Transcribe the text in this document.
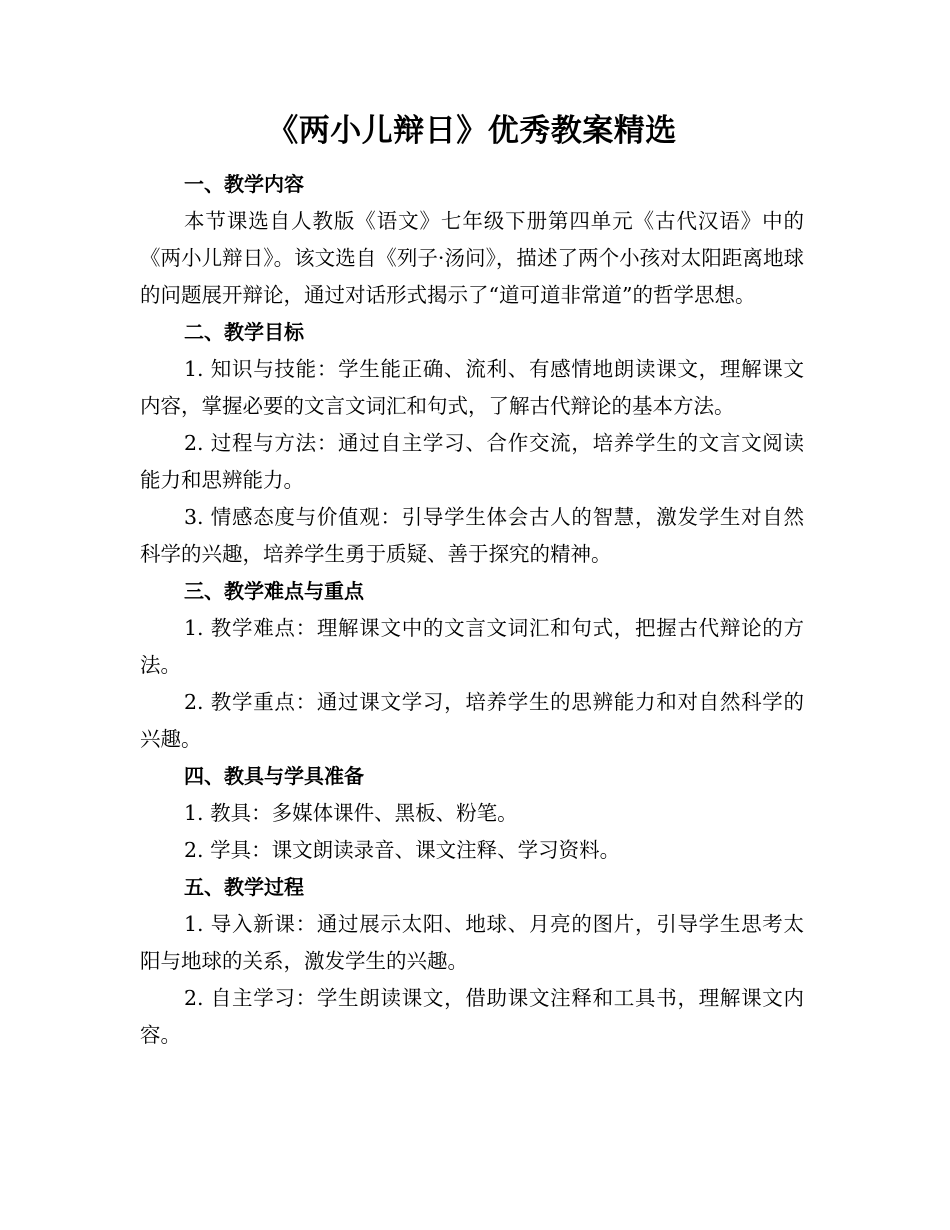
《两小儿辩日》优秀教案精选

一、教学内容

本节课选自人教版《语文》七年级下册第四单元《古代汉语》中的《两小儿辩日》。该文选自《列子·汤问》，描述了两个小孩对太阳距离地球的问题展开辩论，通过对话形式揭示了“道可道非常道”的哲学思想。

二、教学目标

1. 知识与技能：学生能正确、流利、有感情地朗读课文，理解课文内容，掌握必要的文言文词汇和句式，了解古代辩论的基本方法。

2. 过程与方法：通过自主学习、合作交流，培养学生的文言文阅读能力和思辨能力。

3. 情感态度与价值观：引导学生体会古人的智慧，激发学生对自然科学的兴趣，培养学生勇于质疑、善于探究的精神。

三、教学难点与重点

1. 教学难点：理解课文中的文言文词汇和句式，把握古代辩论的方法。

2. 教学重点：通过课文学习，培养学生的思辨能力和对自然科学的兴趣。

四、教具与学具准备

1. 教具：多媒体课件、黑板、粉笔。

2. 学具：课文朗读录音、课文注释、学习资料。

五、教学过程

1. 导入新课：通过展示太阳、地球、月亮的图片，引导学生思考太阳与地球的关系，激发学生的兴趣。

2. 自主学习：学生朗读课文，借助课文注释和工具书，理解课文内容。
